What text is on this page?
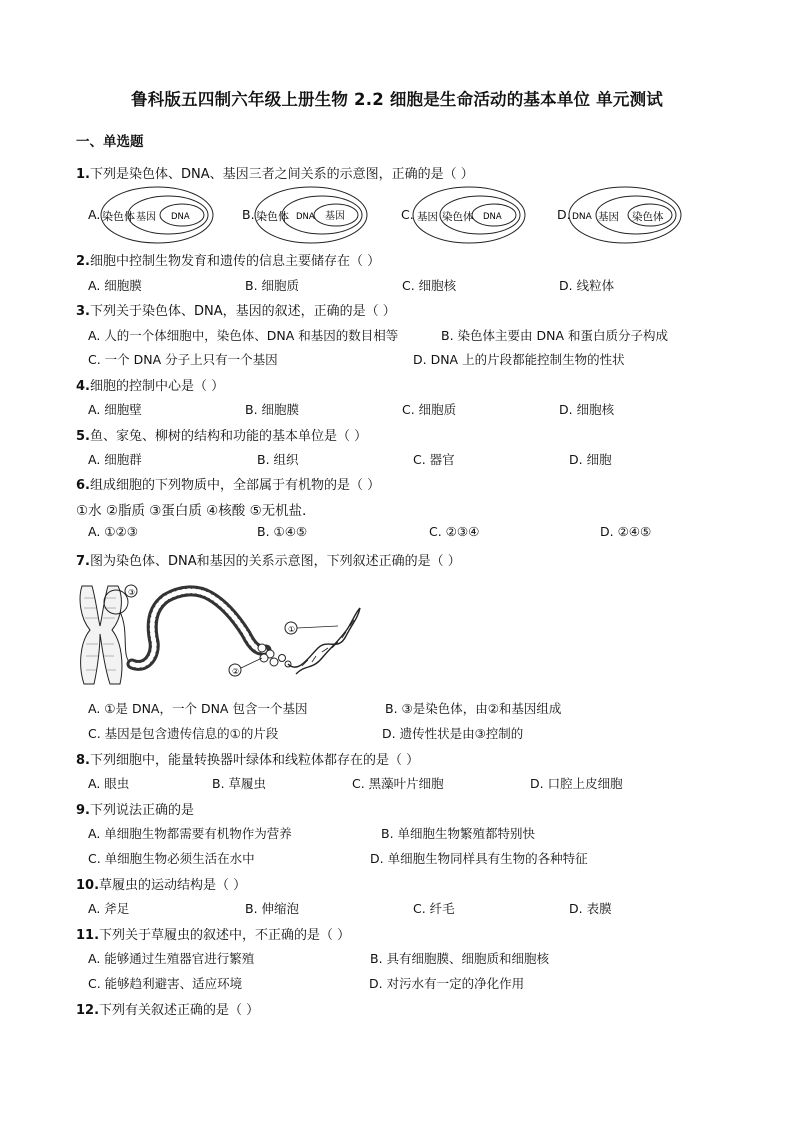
鲁科版五四制六年级上册生物 2.2 细胞是生命活动的基本单位 单元测试
一、单选题
1.下列是染色体、DNA、基因三者之间关系的示意图，正确的是（ ）
A. 染色体 基因 DNA	B. 染色体	基因
DNA	C. 基因 染色体 DNA	D. DNA 基因 染色体
2.细胞中控制生物发育和遗传的信息主要储存在（ ）
A. 细胞膜	B. 细胞质	C. 细胞核	D. 线粒体
3.下列关于染色体、DNA，基因的叙述，正确的是（ ）
A. 人的一个体细胞中，染色体、DNA 和基因的数目相等	B. 染色体主要由 DNA 和蛋白质分子构成
C. 一个 DNA 分子上只有一个基因	D. DNA 上的片段都能控制生物的性状
4.细胞的控制中心是（ ）
A. 细胞壁	B. 细胞膜	C. 细胞质	D. 细胞核
5.鱼、家兔、柳树的结构和功能的基本单位是（ ）
A. 细胞群	B. 组织	C. 器官	D. 细胞
6.组成细胞的下列物质中，全部属于有机物的是（ ）
①水 ②脂质 ③蛋白质 ④核酸 ⑤无机盐．
A. ①②③	B. ①④⑤	C. ②③④	D. ②④⑤
7.图为染色体、DNA和基因的关系示意图，下列叙述正确的是（ ）
③
①
②
A. ①是 DNA，一个 DNA 包含一个基因	B. ③是染色体，由②和基因组成
C. 基因是包含遗传信息的①的片段	D. 遗传性状是由③控制的
8.下列细胞中，能量转换器叶绿体和线粒体都存在的是（ ）
A. 眼虫	B. 草履虫	C. 黑藻叶片细胞	D. 口腔上皮细胞
9.下列说法正确的是
A. 单细胞生物都需要有机物作为营养	B. 单细胞生物繁殖都特别快
C. 单细胞生物必须生活在水中	D. 单细胞生物同样具有生物的各种特征
10.草履虫的运动结构是（ ）
A. 斧足	B. 伸缩泡	C. 纤毛	D. 表膜
11.下列关于草履虫的叙述中，不正确的是（ ）
A. 能够通过生殖器官进行繁殖	B. 具有细胞膜、细胞质和细胞核
C. 能够趋利避害、适应环境	D. 对污水有一定的净化作用
12.下列有关叙述正确的是（ ）
